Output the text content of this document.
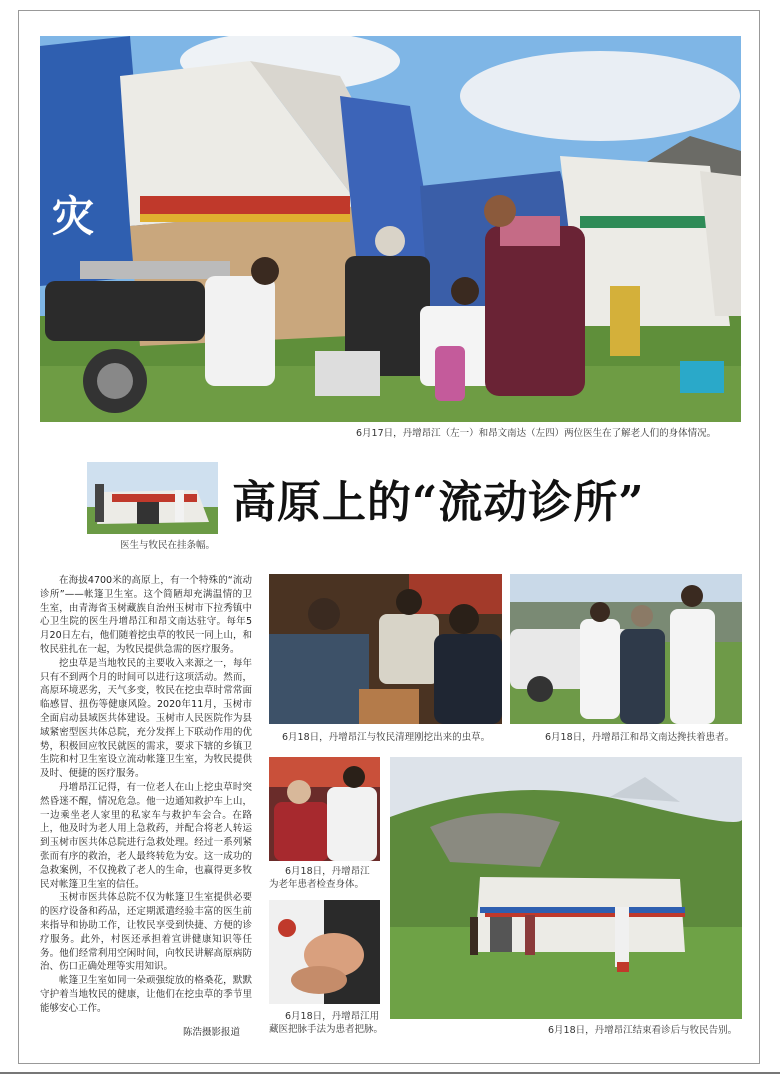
灾
6月17日，丹增昂江（左一）和昂文南达（左四）两位医生在了解老人们的身体情况。
医生与牧民在挂条幅。
高原上的“流动诊所”

在海拔4700米的高原上，有一个特殊的“流动诊所”——帐篷卫生室。这个简陋却充满温情的卫生室，由青海省玉树藏族自治州玉树市下拉秀镇中心卫生院的医生丹增昂江和昂文南达驻守。每年5月20日左右，他们随着挖虫草的牧民一同上山，和牧民驻扎在一起，为牧民提供急需的医疗服务。

挖虫草是当地牧民的主要收入来源之一，每年只有不到两个月的时间可以进行这项活动。然而，高原环境恶劣，天气多变，牧民在挖虫草时常常面临感冒、扭伤等健康风险。2020年11月，玉树市全面启动县域医共体建设。玉树市人民医院作为县域紧密型医共体总院，充分发挥上下联动作用的优势，积极回应牧民就医的需求，要求下辖的乡镇卫生院和村卫生室设立流动帐篷卫生室，为牧民提供及时、便捷的医疗服务。

丹增昂江记得，有一位老人在山上挖虫草时突然昏迷不醒，情况危急。他一边通知救护车上山，一边乘坐老人家里的私家车与救护车会合。在路上，他及时为老人用上急救药，并配合将老人转运到玉树市医共体总院进行急救处理。经过一系列紧张而有序的救治，老人最终转危为安。这一成功的急救案例，不仅挽救了老人的生命，也赢得更多牧民对帐篷卫生室的信任。

玉树市医共体总院不仅为帐篷卫生室提供必要的医疗设备和药品，还定期派遣经验丰富的医生前来指导和协助工作，让牧民享受到快捷、方便的诊疗服务。此外，村医还承担着宣讲健康知识等任务。他们经常利用空闲时间，向牧民讲解高原病防治、伤口正确处理等实用知识。

帐篷卫生室如同一朵顽强绽放的格桑花，默默守护着当地牧民的健康，让他们在挖虫草的季节里能够安心工作。

陈浩摄影报道
6月18日，丹增昂江与牧民清理刚挖出来的虫草。	6月18日，丹增昂江和昂文南达搀扶着患者。
6月18日，丹增昂江
为老年患者检查身体。
6月18日，丹增昂江用
藏医把脉手法为患者把脉。	6月18日，丹增昂江结束看诊后与牧民告别。
